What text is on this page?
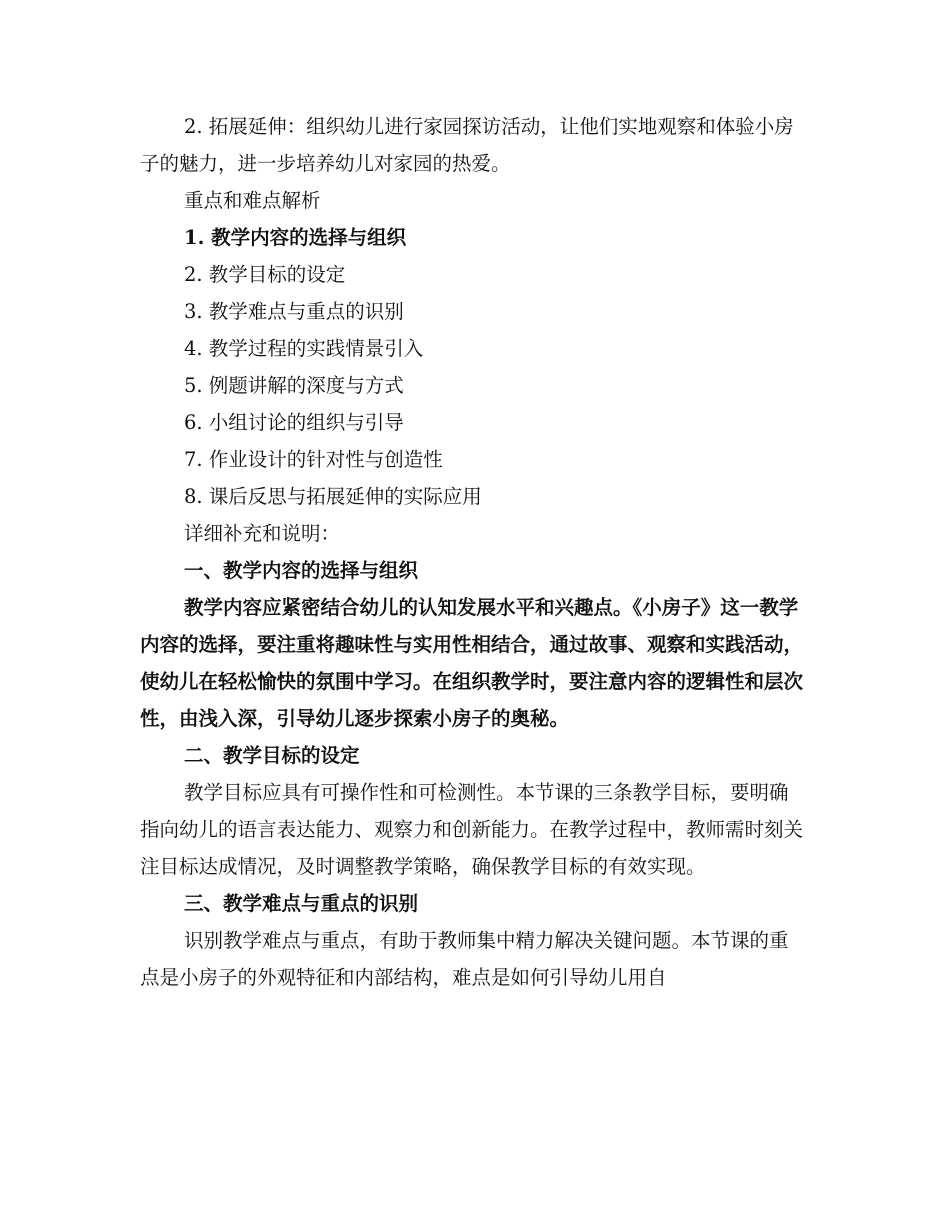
2. 拓展延伸：组织幼儿进行家园探访活动，让他们实地观察和体验小房子的魅力，进一步培养幼儿对家园的热爱。

重点和难点解析

1. 教学内容的选择与组织

2. 教学目标的设定

3. 教学难点与重点的识别

4. 教学过程的实践情景引入

5. 例题讲解的深度与方式

6. 小组讨论的组织与引导

7. 作业设计的针对性与创造性

8. 课后反思与拓展延伸的实际应用

详细补充和说明：

一、教学内容的选择与组织

教学内容应紧密结合幼儿的认知发展水平和兴趣点。《小房子》这一教学内容的选择，要注重将趣味性与实用性相结合，通过故事、观察和实践活动，使幼儿在轻松愉快的氛围中学习。在组织教学时，要注意内容的逻辑性和层次性，由浅入深，引导幼儿逐步探索小房子的奥秘。

二、教学目标的设定

教学目标应具有可操作性和可检测性。本节课的三条教学目标，要明确指向幼儿的语言表达能力、观察力和创新能力。在教学过程中，教师需时刻关注目标达成情况，及时调整教学策略，确保教学目标的有效实现。

三、教学难点与重点的识别

识别教学难点与重点，有助于教师集中精力解决关键问题。本节课的重点是小房子的外观特征和内部结构，难点是如何引导幼儿用自
